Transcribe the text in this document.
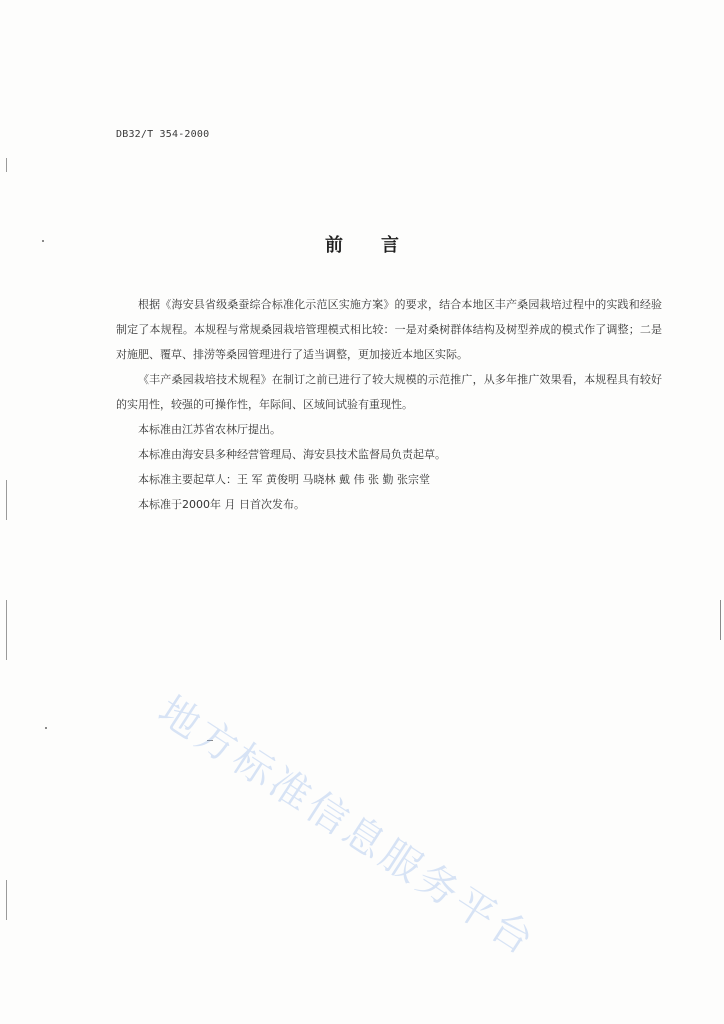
DB32/T 354-2000
前 言

根据《海安县省级桑蚕综合标准化示范区实施方案》的要求，结合本地区丰产桑园栽培过程中的实践和经验制定了本规程。本规程与常规桑园栽培管理模式相比较：一是对桑树群体结构及树型养成的模式作了调整；二是对施肥、覆草、排涝等桑园管理进行了适当调整，更加接近本地区实际。

《丰产桑园栽培技术规程》在制订之前已进行了较大规模的示范推广，从多年推广效果看，本规程具有较好的实用性，较强的可操作性，年际间、区域间试验有重现性。

本标准由江苏省农林厅提出。

本标准由海安县多种经营管理局、海安县技术监督局负责起草。

本标准主要起草人：王 军 黄俊明 马晓林 戴 伟 张 勤 张宗堂

本标准于2000年 月 日首次发布。

地方标准信息服务平台
